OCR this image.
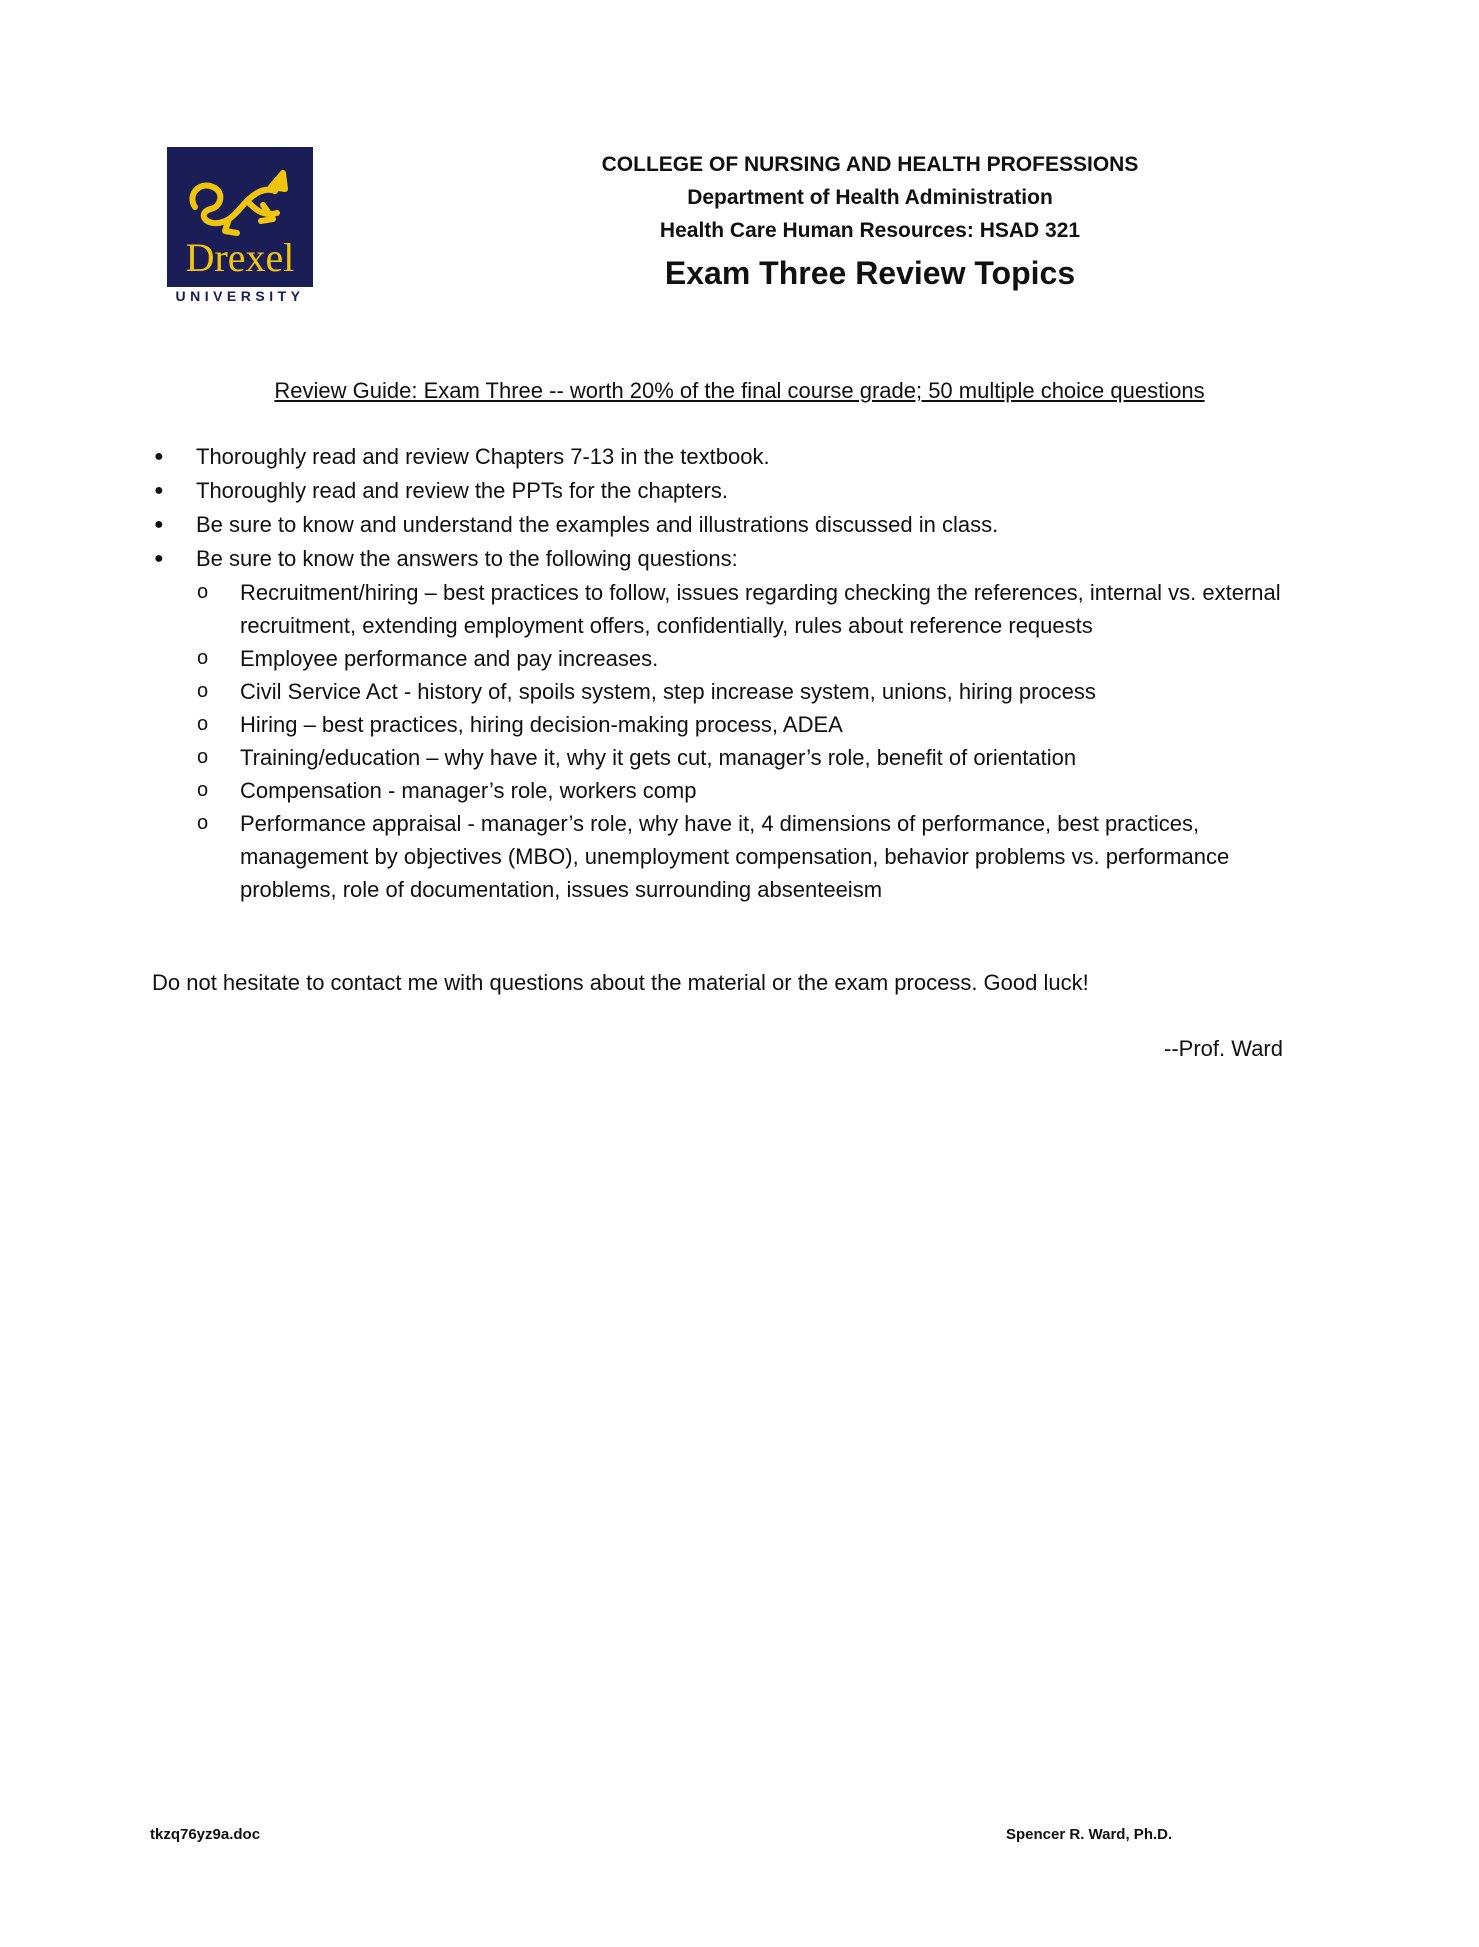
Drexel
UNIVERSITY
COLLEGE OF NURSING AND HEALTH PROFESSIONS
Department of Health Administration
Health Care Human Resources: HSAD 321
Exam Three Review Topics
Review Guide: Exam Three -- worth 20% of the final course grade; 50 multiple choice questions
● Thoroughly read and review Chapters 7-13 in the textbook.
● Thoroughly read and review the PPTs for the chapters.
● Be sure to know and understand the examples and illustrations discussed in class.
● Be sure to know the answers to the following questions:
o Recruitment/hiring – best practices to follow, issues regarding checking the references, internal vs. external recruitment, extending employment offers, confidentially, rules about reference requests
o Employee performance and pay increases.
o Civil Service Act - history of, spoils system, step increase system, unions, hiring process
o Hiring – best practices, hiring decision-making process, ADEA
o Training/education – why have it, why it gets cut, manager’s role, benefit of orientation
o Compensation - manager’s role, workers comp
o Performance appraisal - manager’s role, why have it, 4 dimensions of performance, best practices, management by objectives (MBO), unemployment compensation, behavior problems vs. performance problems, role of documentation, issues surrounding absenteeism
Do not hesitate to contact me with questions about the material or the exam process. Good luck!
--Prof. Ward
tkzq76yz9a.doc	Spencer R. Ward, Ph.D.
